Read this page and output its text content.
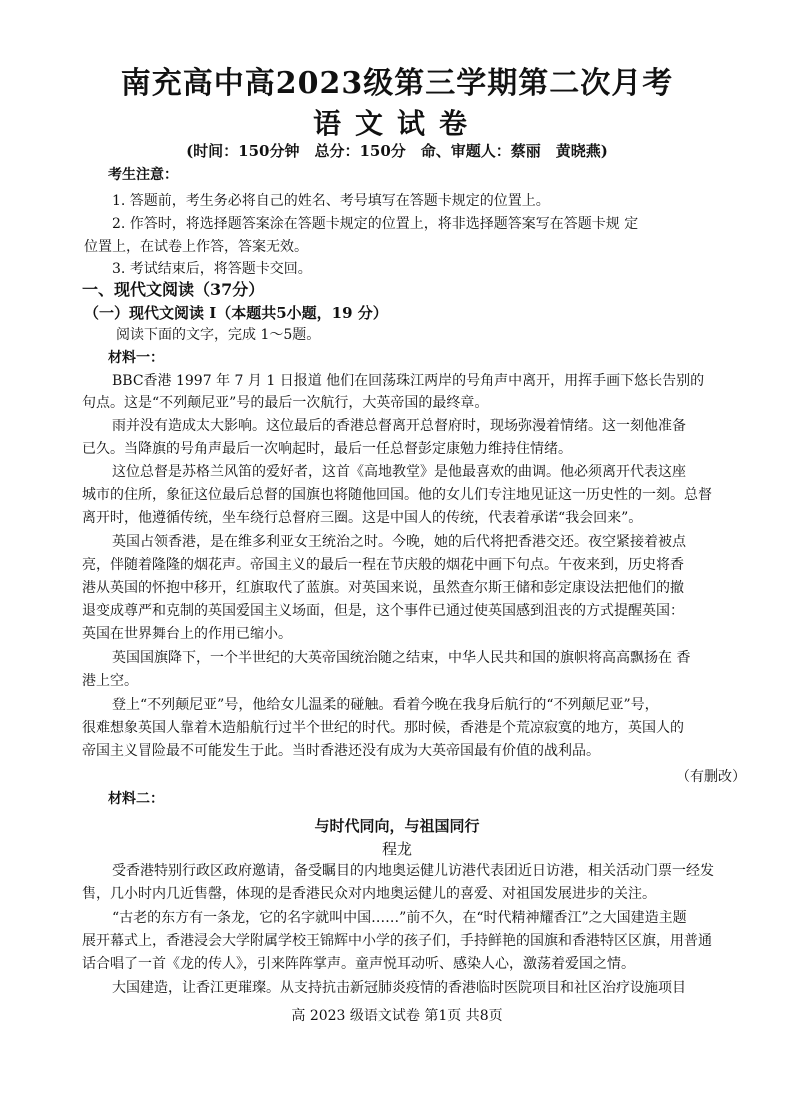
南充高中高2023级第三学期第二次月考
语文试卷
(时间：150分钟　总分：150分　命、审题人：蔡丽　黄晓燕)
考生注意：
1. 答题前，考生务必将自己的姓名、考号填写在答题卡规定的位置上。
2. 作答时，将选择题答案涂在答题卡规定的位置上，将非选择题答案写在答题卡规 定
位置上，在试卷上作答，答案无效。
3. 考试结束后，将答题卡交回。
一、现代文阅读（37分）
（一）现代文阅读 Ⅰ（本题共5小题，19 分）
阅读下面的文字，完成 1～5题。
材料一：
BBC香港 1997 年 7 月 1 日报道 他们在回荡珠江两岸的号角声中离开，用挥手画下悠长告别的
句点。这是“不列颠尼亚”号的最后一次航行，大英帝国的最终章。
雨并没有造成太大影响。这位最后的香港总督离开总督府时，现场弥漫着情绪。这一刻他准备
已久。当降旗的号角声最后一次响起时，最后一任总督彭定康勉力维持住情绪。
这位总督是苏格兰风笛的爱好者，这首《高地教堂》是他最喜欢的曲调。他必须离开代表这座
城市的住所，象征这位最后总督的国旗也将随他回国。他的女儿们专注地见证这一历史性的一刻。总督
离开时，他遵循传统，坐车绕行总督府三圈。这是中国人的传统，代表着承诺“我会回来”。
英国占领香港，是在维多利亚女王统治之时。今晚，她的后代将把香港交还。夜空紧接着被点
亮，伴随着隆隆的烟花声。帝国主义的最后一程在节庆般的烟花中画下句点。午夜来到，历史将香
港从英国的怀抱中移开，红旗取代了蓝旗。对英国来说，虽然查尔斯王储和彭定康设法把他们的撤
退变成尊严和克制的英国爱国主义场面，但是，这个事件已通过使英国感到沮丧的方式提醒英国：
英国在世界舞台上的作用已缩小。
英国国旗降下，一个半世纪的大英帝国统治随之结束，中华人民共和国的旗帜将高高飘扬在 香
港上空。
登上“不列颠尼亚”号，他给女儿温柔的碰触。看着今晚在我身后航行的“不列颠尼亚”号，
很难想象英国人靠着木造船航行过半个世纪的时代。那时候，香港是个荒凉寂寞的地方，英国人的
帝国主义冒险最不可能发生于此。当时香港还没有成为大英帝国最有价值的战利品。
（有删改）
材料二：
与时代同向，与祖国同行
程龙
受香港特别行政区政府邀请，备受瞩目的内地奥运健儿访港代表团近日访港，相关活动门票一经发
售，几小时内几近售罄，体现的是香港民众对内地奥运健儿的喜爱、对祖国发展进步的关注。
“古老的东方有一条龙，它的名字就叫中国……”前不久，在“时代精神耀香江”之大国建造主题
展开幕式上，香港浸会大学附属学校王锦辉中小学的孩子们，手持鲜艳的国旗和香港特区区旗，用普通
话合唱了一首《龙的传人》，引来阵阵掌声。童声悦耳动听、感染人心，激荡着爱国之情。
大国建造，让香江更璀璨。从支持抗击新冠肺炎疫情的香港临时医院项目和社区治疗设施项目
高 2023 级语文试卷 第1页 共8页
